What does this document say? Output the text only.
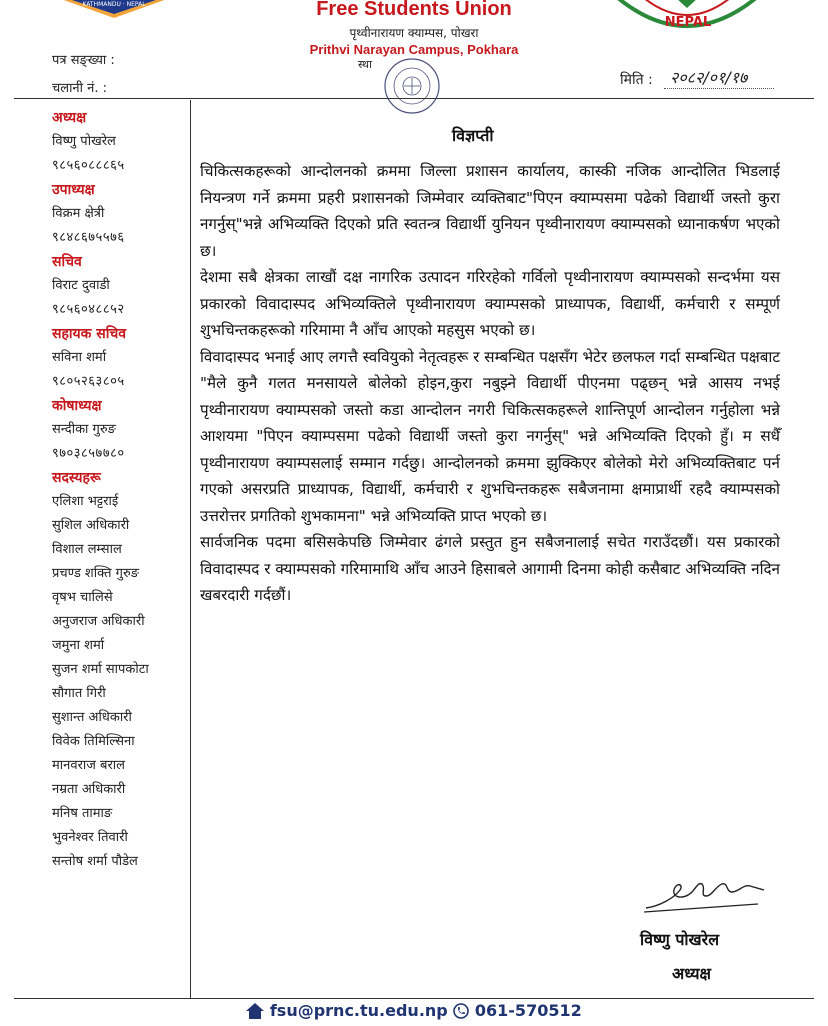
KATHMANDU · NEPAL
NEPAL
Free Students Union
पृथ्वीनारायण क्याम्पस, पोखरा
Prithvi Narayan Campus, Pokhara
स्था
पत्र सङ्ख्या :
चलानी नं. :
मिति : २०८२/०१/१७
अध्यक्ष
विष्णु पोखरेल
९८५६०८८८६५
उपाध्यक्ष
विक्रम क्षेत्री
९८४८६७५५७६
सचिव
विराट दुवाडी
९८५६०४८८५२
सहायक सचिव
सविना शर्मा
९८०५२६३८०५
कोषाध्यक्ष
सन्दीका गुरुङ
९७०३८५७७८०
सदस्यहरू
एलिशा भट्टराई
सुशिल अधिकारी
विशाल लम्साल
प्रचण्ड शक्ति गुरुङ
वृषभ चालिसे
अनुजराज अधिकारी
जमुना शर्मा
सुजन शर्मा सापकोटा
सौगात गिरी
सुशान्त अधिकारी
विवेक तिमिल्सिना
मानवराज बराल
नम्रता अधिकारी
मनिष तामाङ
भुवनेश्वर तिवारी
सन्तोष शर्मा पौडेल
विज्ञप्ती

चिकित्सकहरूको आन्दोलनको क्रममा जिल्ला प्रशासन कार्यालय, कास्की नजिक आन्दोलित भिडलाई नियन्त्रण गर्ने क्रममा प्रहरी प्रशासनको जिम्मेवार व्यक्तिबाट"पिएन क्याम्पसमा पढेको विद्यार्थी जस्तो कुरा नगर्नुस्"भन्ने अभिव्यक्ति दिएको प्रति स्वतन्त्र विद्यार्थी युनियन पृथ्वीनारायण क्याम्पसको ध्यानाकर्षण भएको छ।

देशमा सबै क्षेत्रका लाखौं दक्ष नागरिक उत्पादन गरिरहेको गर्विलो पृथ्वीनारायण क्याम्पसको सन्दर्भमा यस प्रकारको विवादास्पद अभिव्यक्तिले पृथ्वीनारायण क्याम्पसको प्राध्यापक, विद्यार्थी, कर्मचारी र सम्पूर्ण शुभचिन्तकहरूको गरिमामा नै आँच आएको महसुस भएको छ।

विवादास्पद भनाई आए लगत्तै स्ववियुको नेतृत्वहरू र सम्बन्धित पक्षसँग भेटेर छलफल गर्दा सम्बन्धित पक्षबाट "मैले कुनै गलत मनसायले बोलेको होइन,कुरा नबुझ्ने विद्यार्थी पीएनमा पढ्छन् भन्ने आसय नभई पृथ्वीनारायण क्याम्पसको जस्तो कडा आन्दोलन नगरी चिकित्सकहरूले शान्तिपूर्ण आन्दोलन गर्नुहोला भन्ने आशयमा "पिएन क्याम्पसमा पढेको विद्यार्थी जस्तो कुरा नगर्नुस्" भन्ने अभिव्यक्ति दिएको हुँ। म सधैँ पृथ्वीनारायण क्याम्पसलाई सम्मान गर्दछु। आन्दोलनको क्रममा झुक्किएर बोलेको मेरो अभिव्यक्तिबाट पर्न गएको असरप्रति प्राध्यापक, विद्यार्थी, कर्मचारी र शुभचिन्तकहरू सबैजनामा क्षमाप्रार्थी रहदै क्याम्पसको उत्तरोत्तर प्रगतिको शुभकामना" भन्ने अभिव्यक्ति प्राप्त भएको छ।

सार्वजनिक पदमा बसिसकेपछि जिम्मेवार ढंगले प्रस्तुत हुन सबैजनालाई सचेत गराउँदछौं। यस प्रकारको विवादास्पद र क्याम्पसको गरिमामाथि आँच आउने हिसाबले आगामी दिनमा कोही कसैबाट अभिव्यक्ति नदिन खबरदारी गर्दछौं।

विष्णु पोखरेल
अध्यक्ष
fsu@prnc.tu.edu.np 061-570512
